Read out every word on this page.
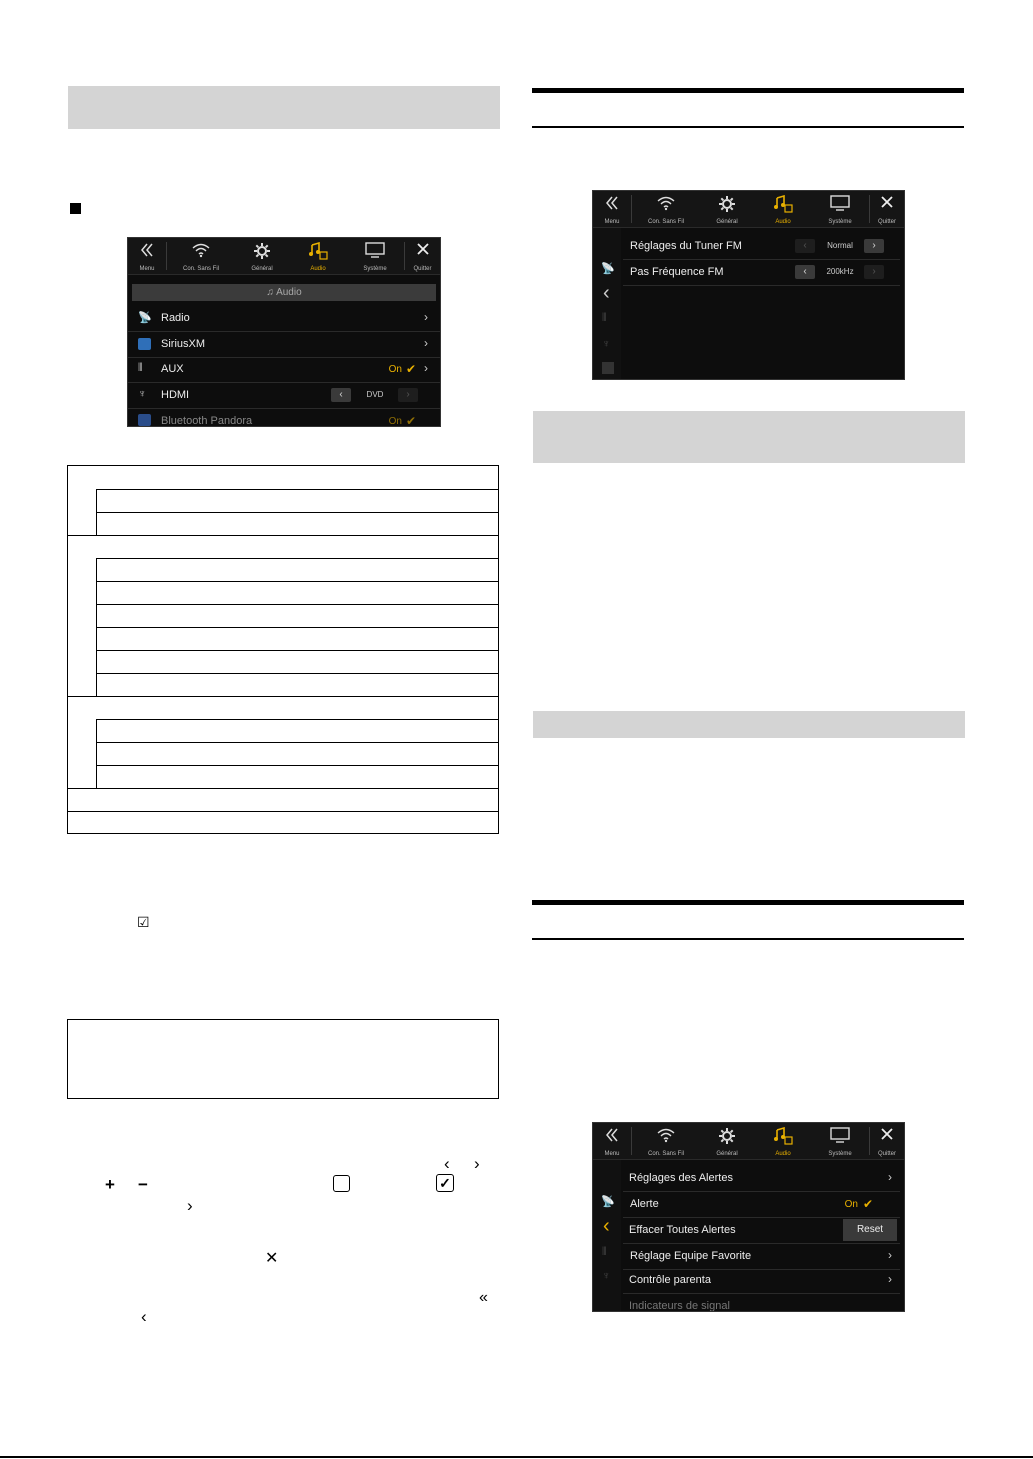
Menu	Con. Sans Fil	Général	Audio	Système	Quitter
♫ Audio
📡 Radio	›
SiriusXM	›
⫴ AUX	On ✔ ›
♆ HDMI	‹	DVD	›
Bluetooth Pandora	On ✔
☑
‹ ›
+ −	✓
›
✕
«
‹
Menu	Con. Sans Fil	Général	Audio	Système	Quitter
📡
‹
⫴
♆
Réglages du Tuner FM	‹	Normal	›
Pas Fréquence FM	‹	200kHz	›
Menu	Con. Sans Fil	Général	Audio	Système	Quitter
📡
‹
⫴
♆
Réglages des Alertes	›
Alerte	On ✔
Effacer Toutes Alertes	Reset
Réglage Equipe Favorite	›
Contrôle parenta	›
Indicateurs de signal
